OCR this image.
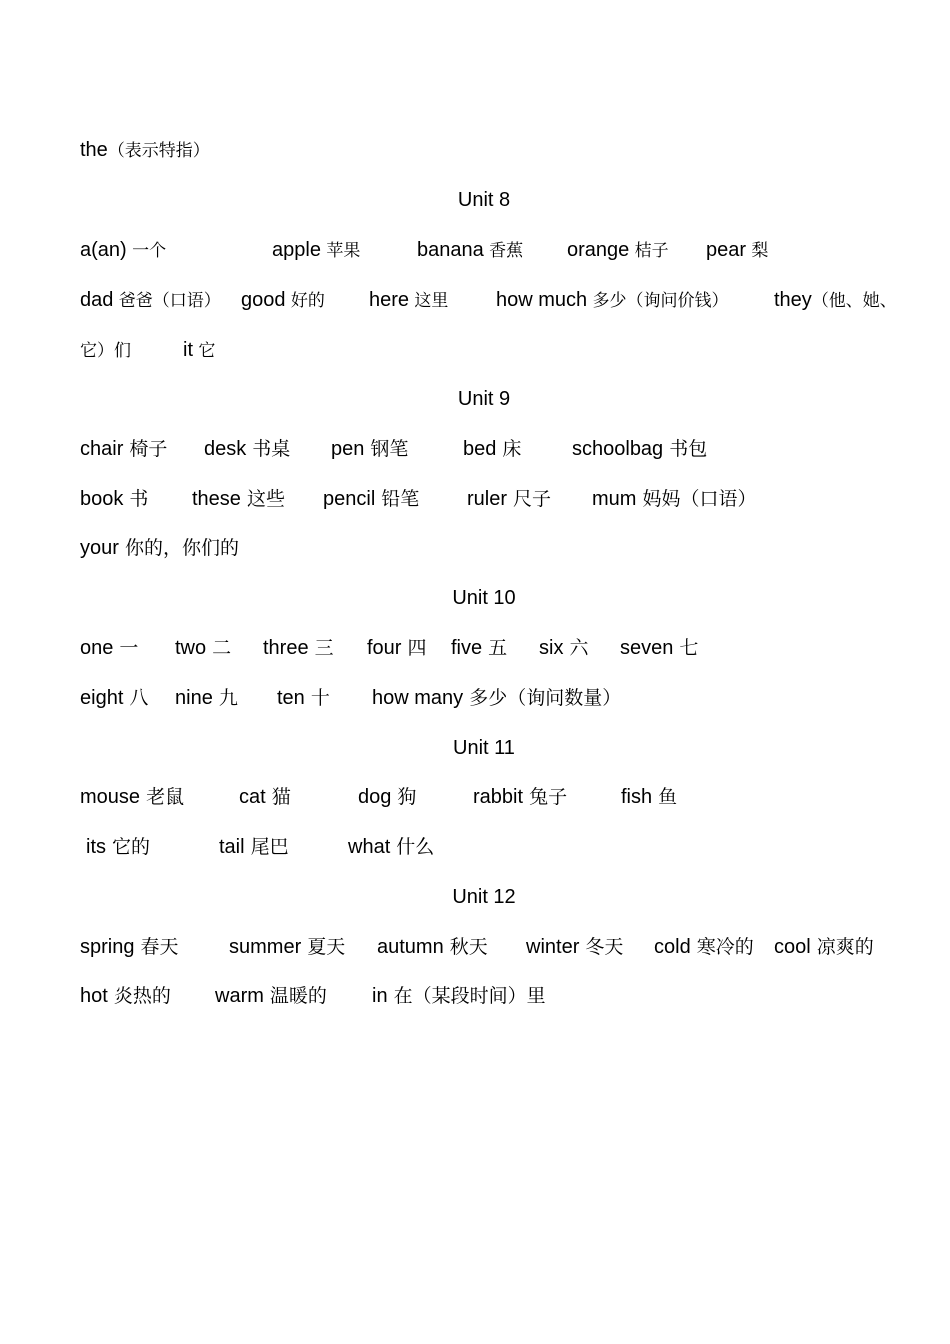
the（表示特指）
Unit 8
a(an) 一个	apple 苹果	banana 香蕉 orange 桔子 pear 梨
dad 爸爸（口语） good 好的 here 这里 how much 多少（询问价钱） they（他、她、
它）们	it 它
Unit 9
chair 椅子 desk 书桌 pen 钢笔	bed 床	schoolbag 书包
book 书 these 这些 pencil 铅笔 ruler 尺子 mum 妈妈（口语）
your 你的，你们的
Unit 10
one 一 two 二 three 三 four 四 five 五 six 六 seven 七
eight 八 nine 九 ten 十 how many 多少（询问数量）
Unit 11
mouse 老鼠	cat 猫	dog 狗	rabbit 兔子	fish 鱼
its 它的	tail 尾巴	what 什么
Unit 12
spring 春天	summer 夏天 autumn 秋天 winter 冬天 cold 寒冷的 cool 凉爽的
hot 炎热的 warm 温暖的 in 在（某段时间）里
